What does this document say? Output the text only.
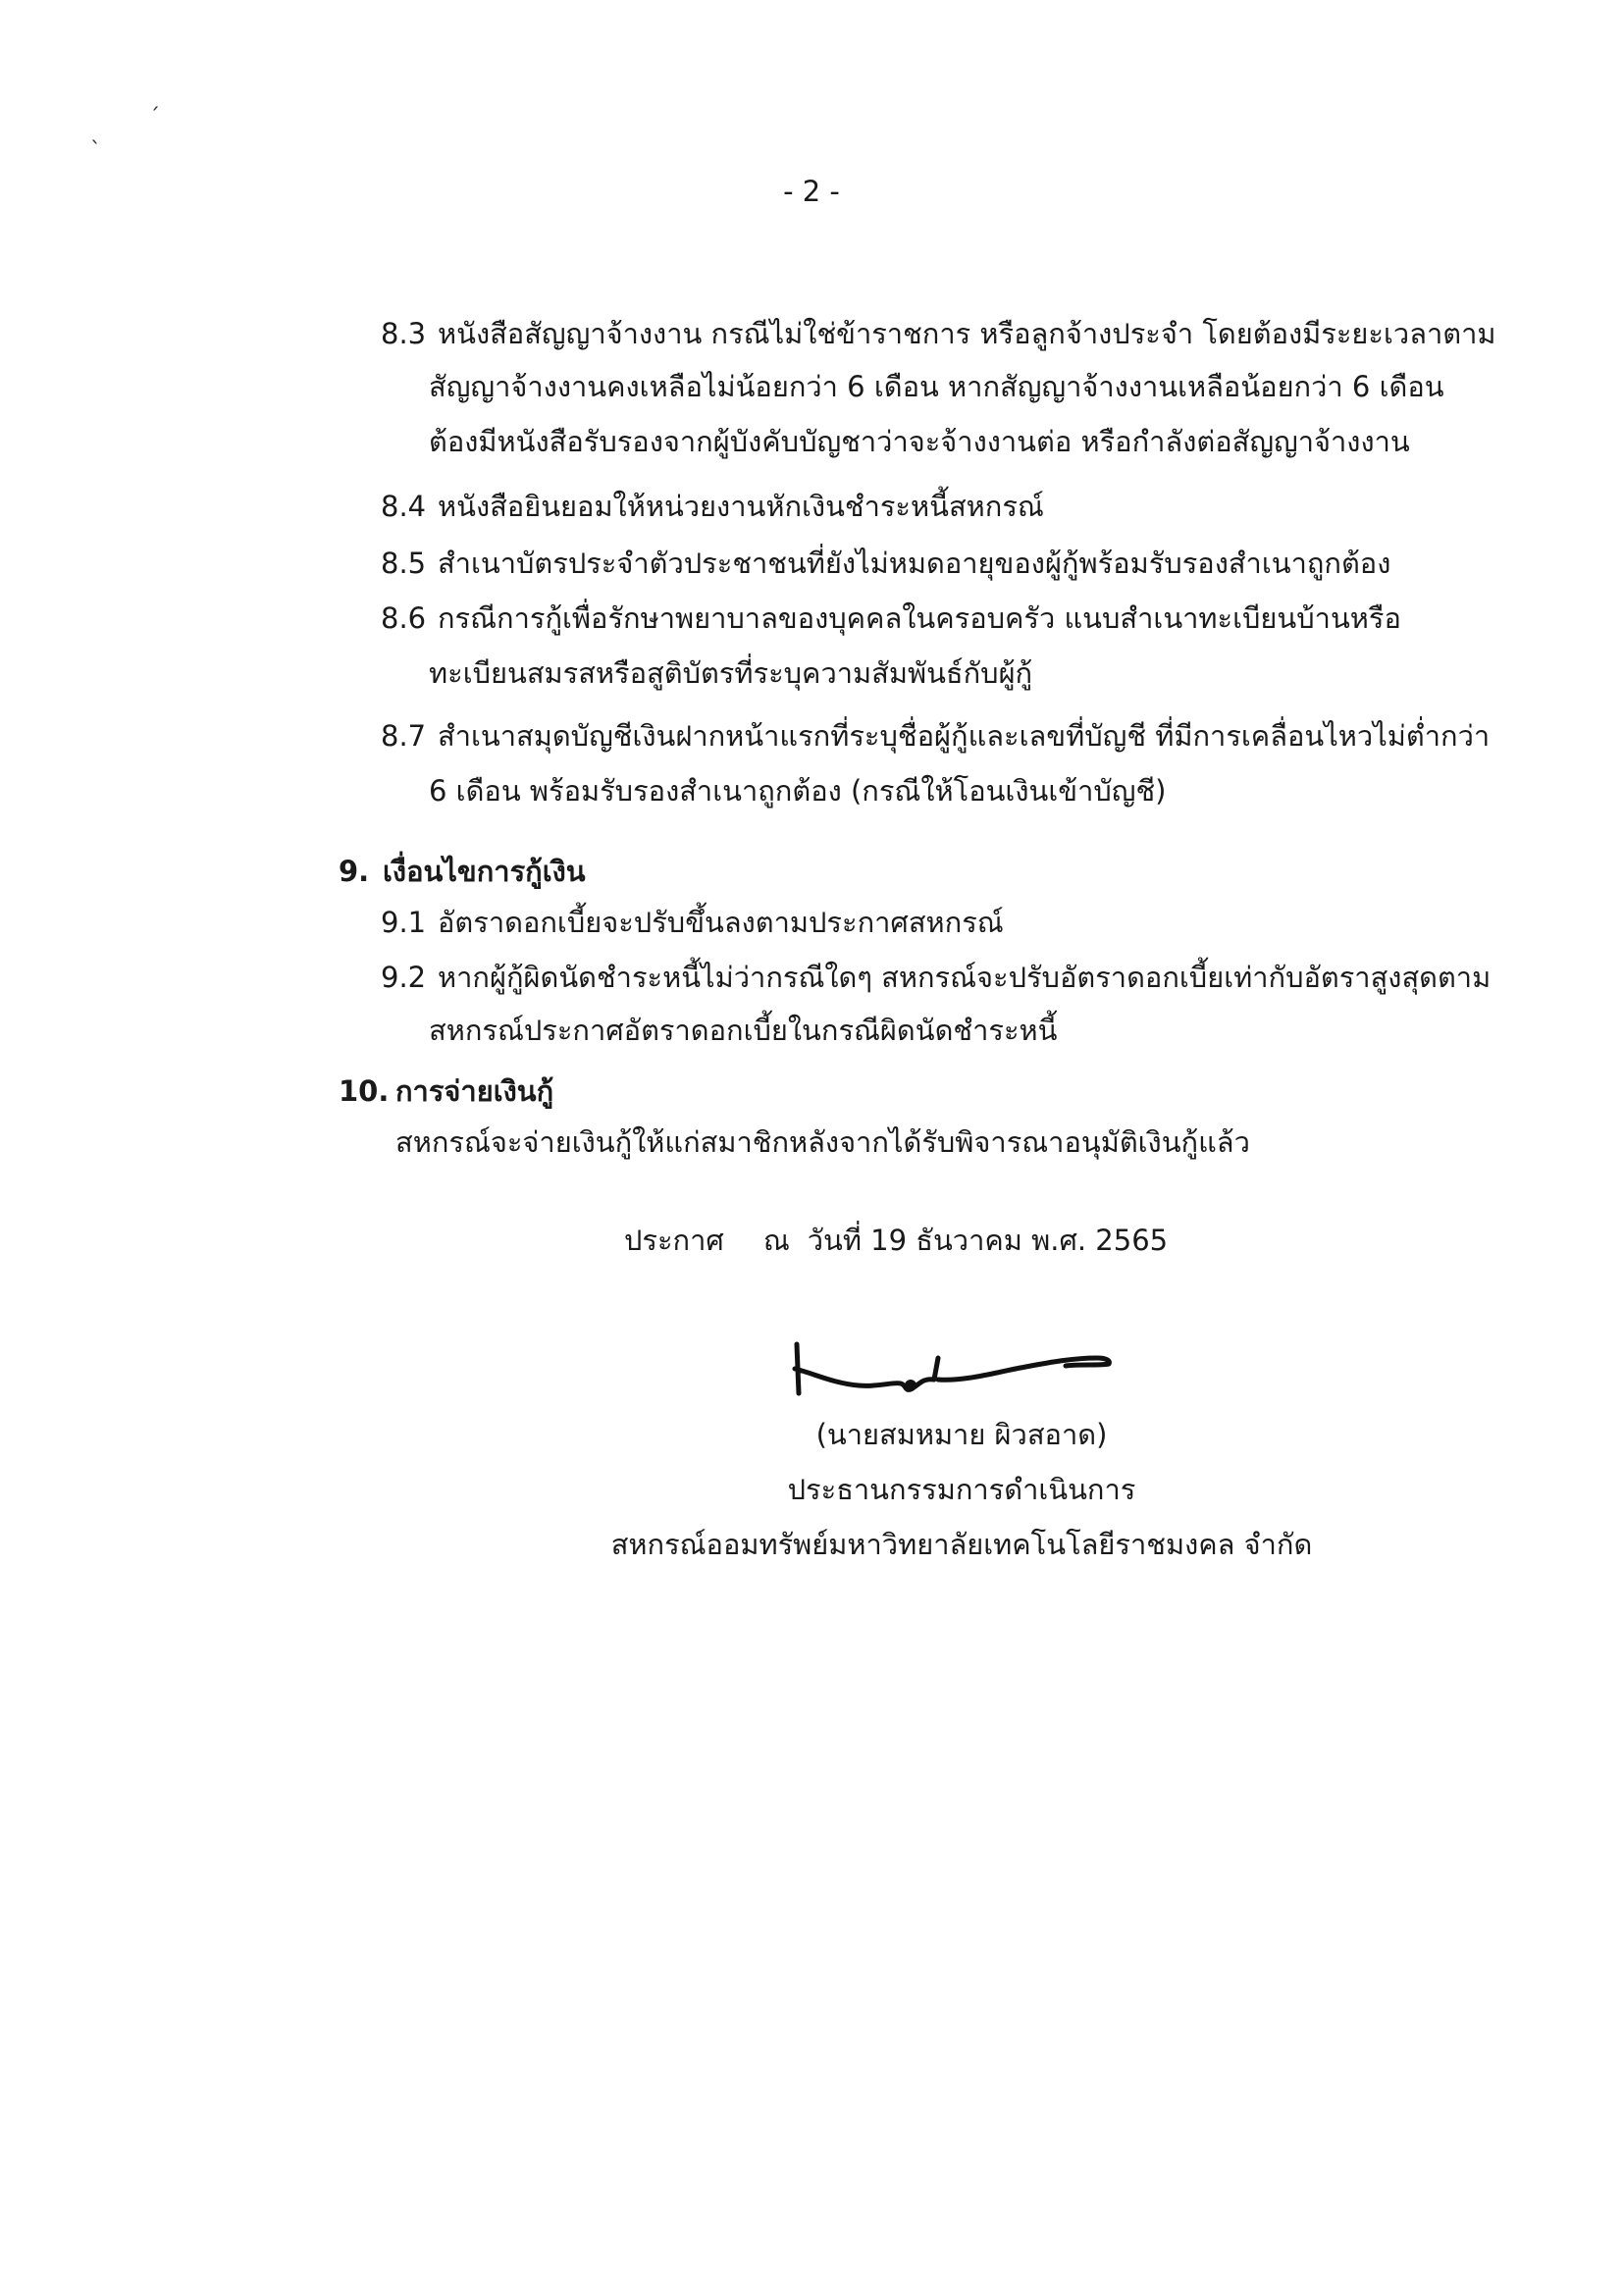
ˏ
ˎ
- 2 -
8.3 หนังสือสัญญาจ้างงาน กรณีไม่ใช่ข้าราชการ หรือลูกจ้างประจำ โดยต้องมีระยะเวลาตาม
สัญญาจ้างงานคงเหลือไม่น้อยกว่า 6 เดือน หากสัญญาจ้างงานเหลือน้อยกว่า 6 เดือน
ต้องมีหนังสือรับรองจากผู้บังคับบัญชาว่าจะจ้างงานต่อ หรือกำลังต่อสัญญาจ้างงาน
8.4 หนังสือยินยอมให้หน่วยงานหักเงินชำระหนี้สหกรณ์
8.5 สำเนาบัตรประจำตัวประชาชนที่ยังไม่หมดอายุของผู้กู้พร้อมรับรองสำเนาถูกต้อง
8.6 กรณีการกู้เพื่อรักษาพยาบาลของบุคคลในครอบครัว แนบสำเนาทะเบียนบ้านหรือ
ทะเบียนสมรสหรือสูติบัตรที่ระบุความสัมพันธ์กับผู้กู้
8.7 สำเนาสมุดบัญชีเงินฝากหน้าแรกที่ระบุชื่อผู้กู้และเลขที่บัญชี ที่มีการเคลื่อนไหวไม่ต่ำกว่า
6 เดือน พร้อมรับรองสำเนาถูกต้อง (กรณีให้โอนเงินเข้าบัญชี)
9. เงื่อนไขการกู้เงิน
9.1 อัตราดอกเบี้ยจะปรับขึ้นลงตามประกาศสหกรณ์
9.2 หากผู้กู้ผิดนัดชำระหนี้ไม่ว่ากรณีใดๆ สหกรณ์จะปรับอัตราดอกเบี้ยเท่ากับอัตราสูงสุดตาม
สหกรณ์ประกาศอัตราดอกเบี้ยในกรณีผิดนัดชำระหนี้
10. การจ่ายเงินกู้
สหกรณ์จะจ่ายเงินกู้ให้แก่สมาชิกหลังจากได้รับพิจารณาอนุมัติเงินกู้แล้ว
ประกาศ ณ วันที่ 19 ธันวาคม พ.ศ. 2565
(นายสมหมาย ผิวสอาด)
ประธานกรรมการดำเนินการ
สหกรณ์ออมทรัพย์มหาวิทยาลัยเทคโนโลยีราชมงคล จำกัด
